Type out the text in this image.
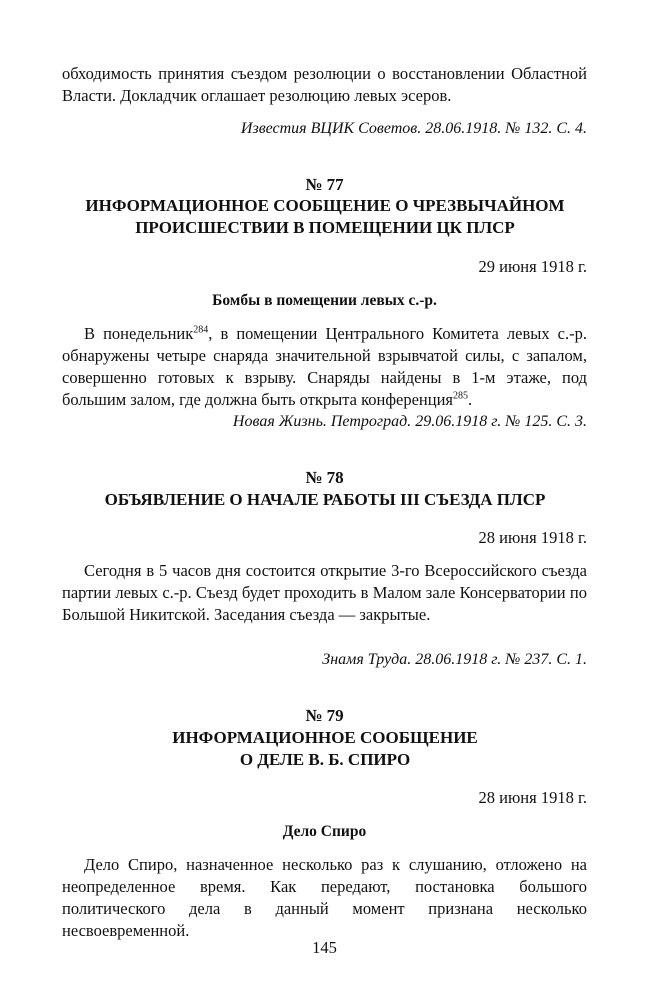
обходимость принятия съездом резолюции о восстановлении Областной Власти. Докладчик оглашает резолюцию левых эсеров.

Известия ВЦИК Советов. 28.06.1918. № 132. С. 4.

№ 77
ИНФОРМАЦИОННОЕ СООБЩЕНИЕ О ЧРЕЗВЫЧАЙНОМ
ПРОИСШЕСТВИИ В ПОМЕЩЕНИИ ЦК ПЛСР
29 июня 1918 г.
Бомбы в помещении левых с.-р.

В понедельник$^{284}$, в помещении Центрального Комитета левых с.-р. обнаружены четыре снаряда значительной взрывчатой силы, с запалом, совершенно готовых к взрыву. Снаряды найдены в 1-м этаже, под большим залом, где должна быть открыта конференция$^{285}$.

Новая Жизнь. Петроград. 29.06.1918 г. № 125. С. 3.

№ 78
ОБЪЯВЛЕНИЕ О НАЧАЛЕ РАБОТЫ III СЪЕЗДА ПЛСР
28 июня 1918 г.

Сегодня в 5 часов дня состоится открытие 3-го Всероссийского съезда партии левых с.-р. Съезд будет проходить в Малом зале Консерватории по Большой Никитской. Заседания съезда — закрытые.

Знамя Труда. 28.06.1918 г. № 237. С. 1.

№ 79
ИНФОРМАЦИОННОЕ СООБЩЕНИЕ
О ДЕЛЕ В. Б. СПИРО
28 июня 1918 г.
Дело Спиро

Дело Спиро, назначенное несколько раз к слушанию, отложено на неопределенное время. Как передают, постановка большого политического дела в данный момент признана несколько несвоевременной.

145
